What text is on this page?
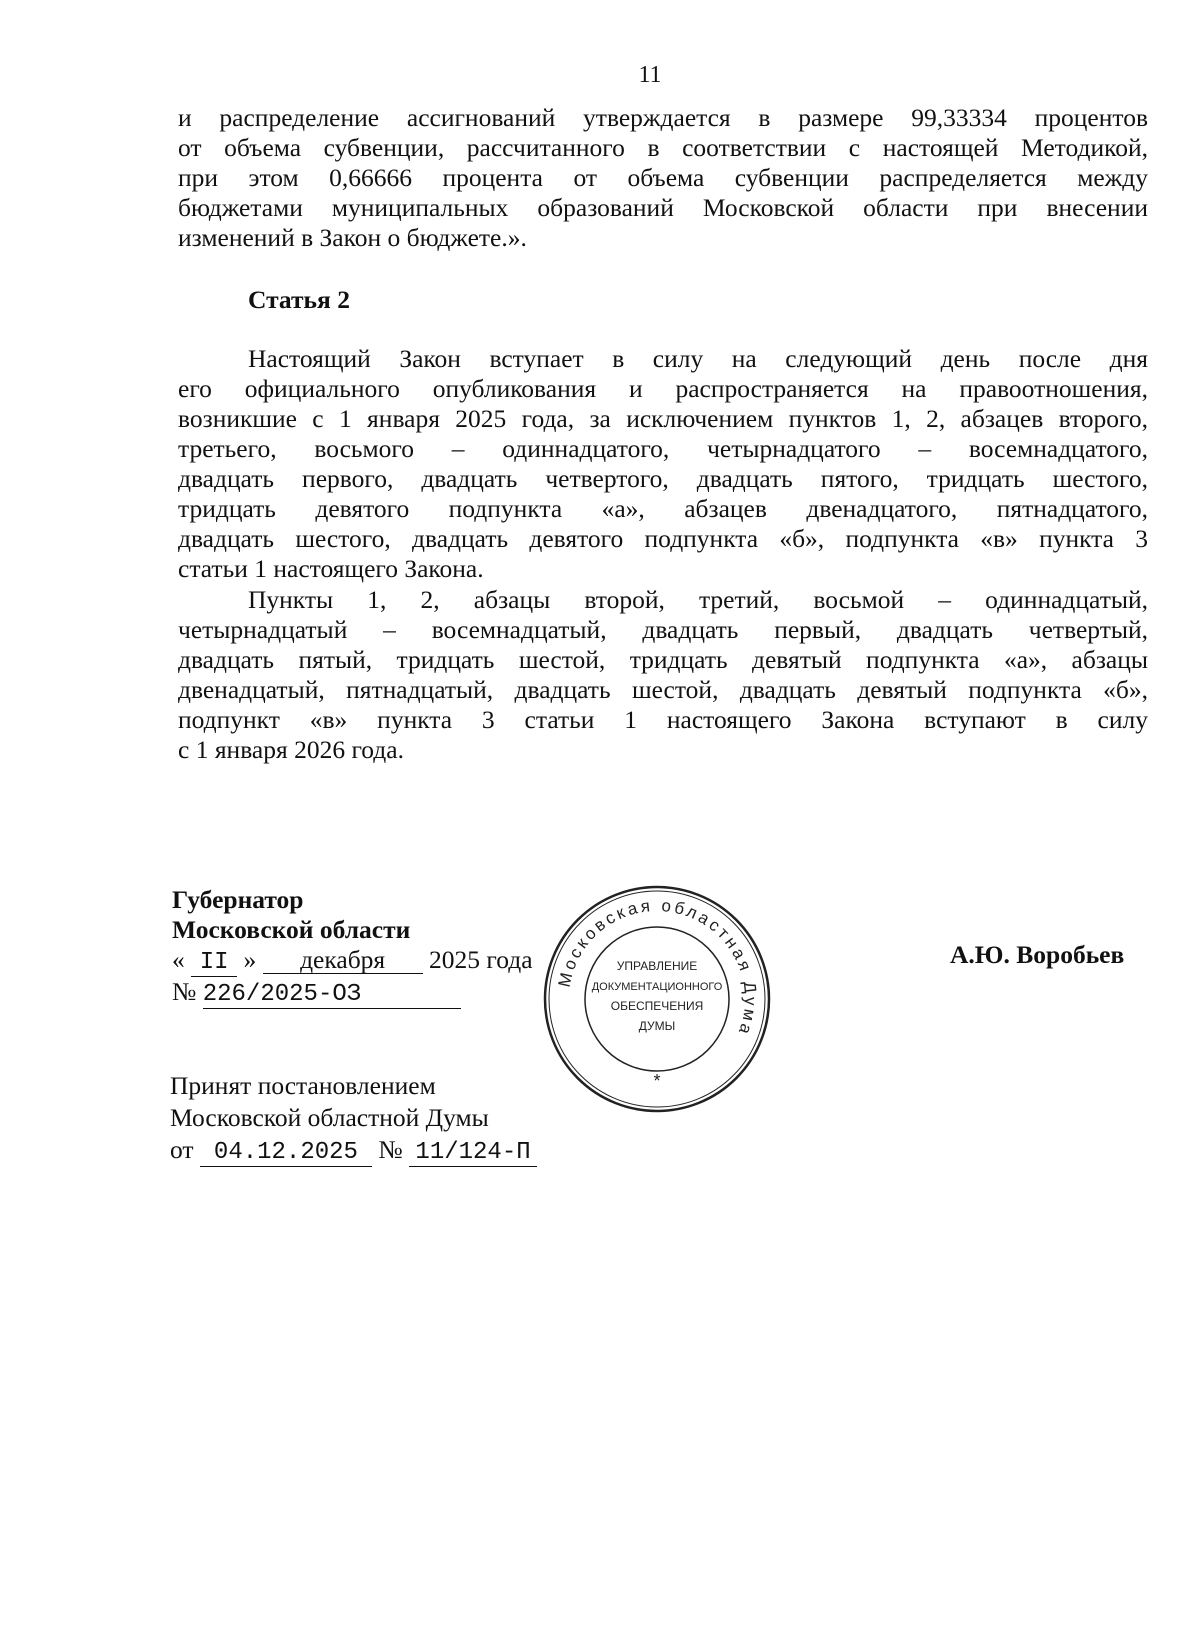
11
и распределение ассигнований утверждается в размере 99,33334 процентов
от объема субвенции, рассчитанного в соответствии с настоящей Методикой,
при этом 0,66666 процента от объема субвенции распределяется между
бюджетами муниципальных образований Московской области при внесении
изменений в Закон о бюджете.».
Статья 2
Настоящий Закон вступает в силу на следующий день после дня
его официального опубликования и распространяется на правоотношения,
возникшие с 1 января 2025 года, за исключением пунктов 1, 2, абзацев второго,
третьего, восьмого – одиннадцатого, четырнадцатого – восемнадцатого,
двадцать первого, двадцать четвертого, двадцать пятого, тридцать шестого,
тридцать девятого подпункта «а», абзацев двенадцатого, пятнадцатого,
двадцать шестого, двадцать девятого подпункта «б», подпункта «в» пункта 3
статьи 1 настоящего Закона.
Пункты 1, 2, абзацы второй, третий, восьмой – одиннадцатый,
четырнадцатый – восемнадцатый, двадцать первый, двадцать четвертый,
двадцать пятый, тридцать шестой, тридцать девятый подпункта «а», абзацы
двенадцатый, пятнадцатый, двадцать шестой, двадцать девятый подпункта «б»,
подпункт «в» пункта 3 статьи 1 настоящего Закона вступают в силу
с 1 января 2026 года.
Губернатор
Московской области
« II » декабря 2025 года
№ 226/2025-ОЗ
А.Ю. Воробьев
Принят постановлением
Московской областной Думы
от 04.12.2025 № 11/124-П
Московская областная Дума
УПРАВЛЕНИЕ
ДОКУМЕНТАЦИОННОГО
ОБЕСПЕЧЕНИЯ
ДУМЫ
*
